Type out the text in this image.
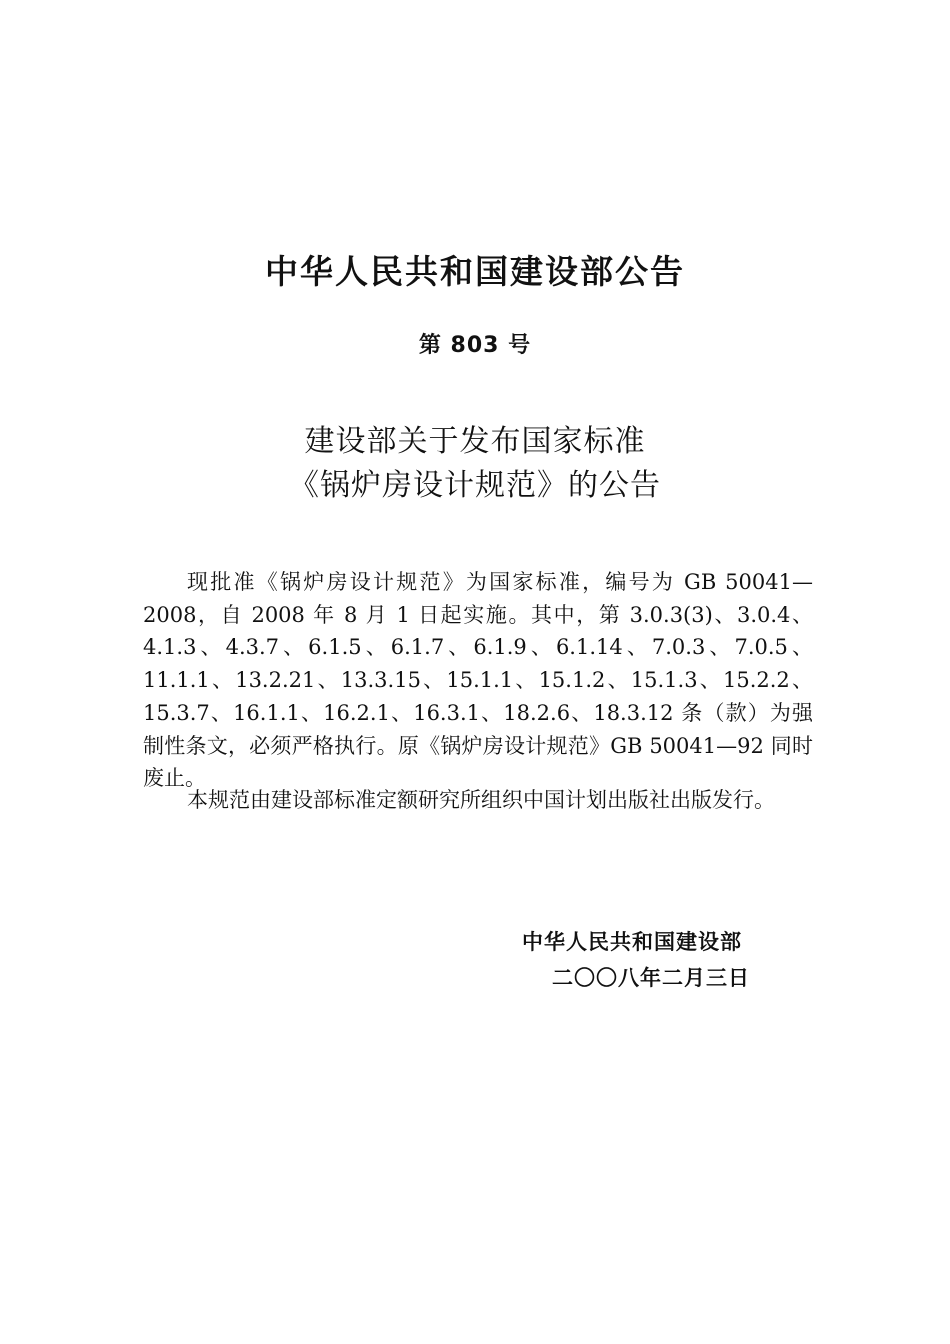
中华人民共和国建设部公告
第 803 号
建设部关于发布国家标准
《锅炉房设计规范》的公告
现批准《锅炉房设计规范》为国家标准，编号为 GB 50041—2008，自 2008 年 8 月 1 日起实施。其中，第 3.0.3(3)、3.0.4、4.1.3、4.3.7、6.1.5、6.1.7、6.1.9、6.1.14、7.0.3、7.0.5、11.1.1、13.2.21、13.3.15、15.1.1、15.1.2、15.1.3、15.2.2、15.3.7、16.1.1、16.2.1、16.3.1、18.2.6、18.3.12 条（款）为强制性条文，必须严格执行。原《锅炉房设计规范》GB 50041—92 同时废止。
本规范由建设部标准定额研究所组织中国计划出版社出版发行。
中华人民共和国建设部
二〇〇八年二月三日
